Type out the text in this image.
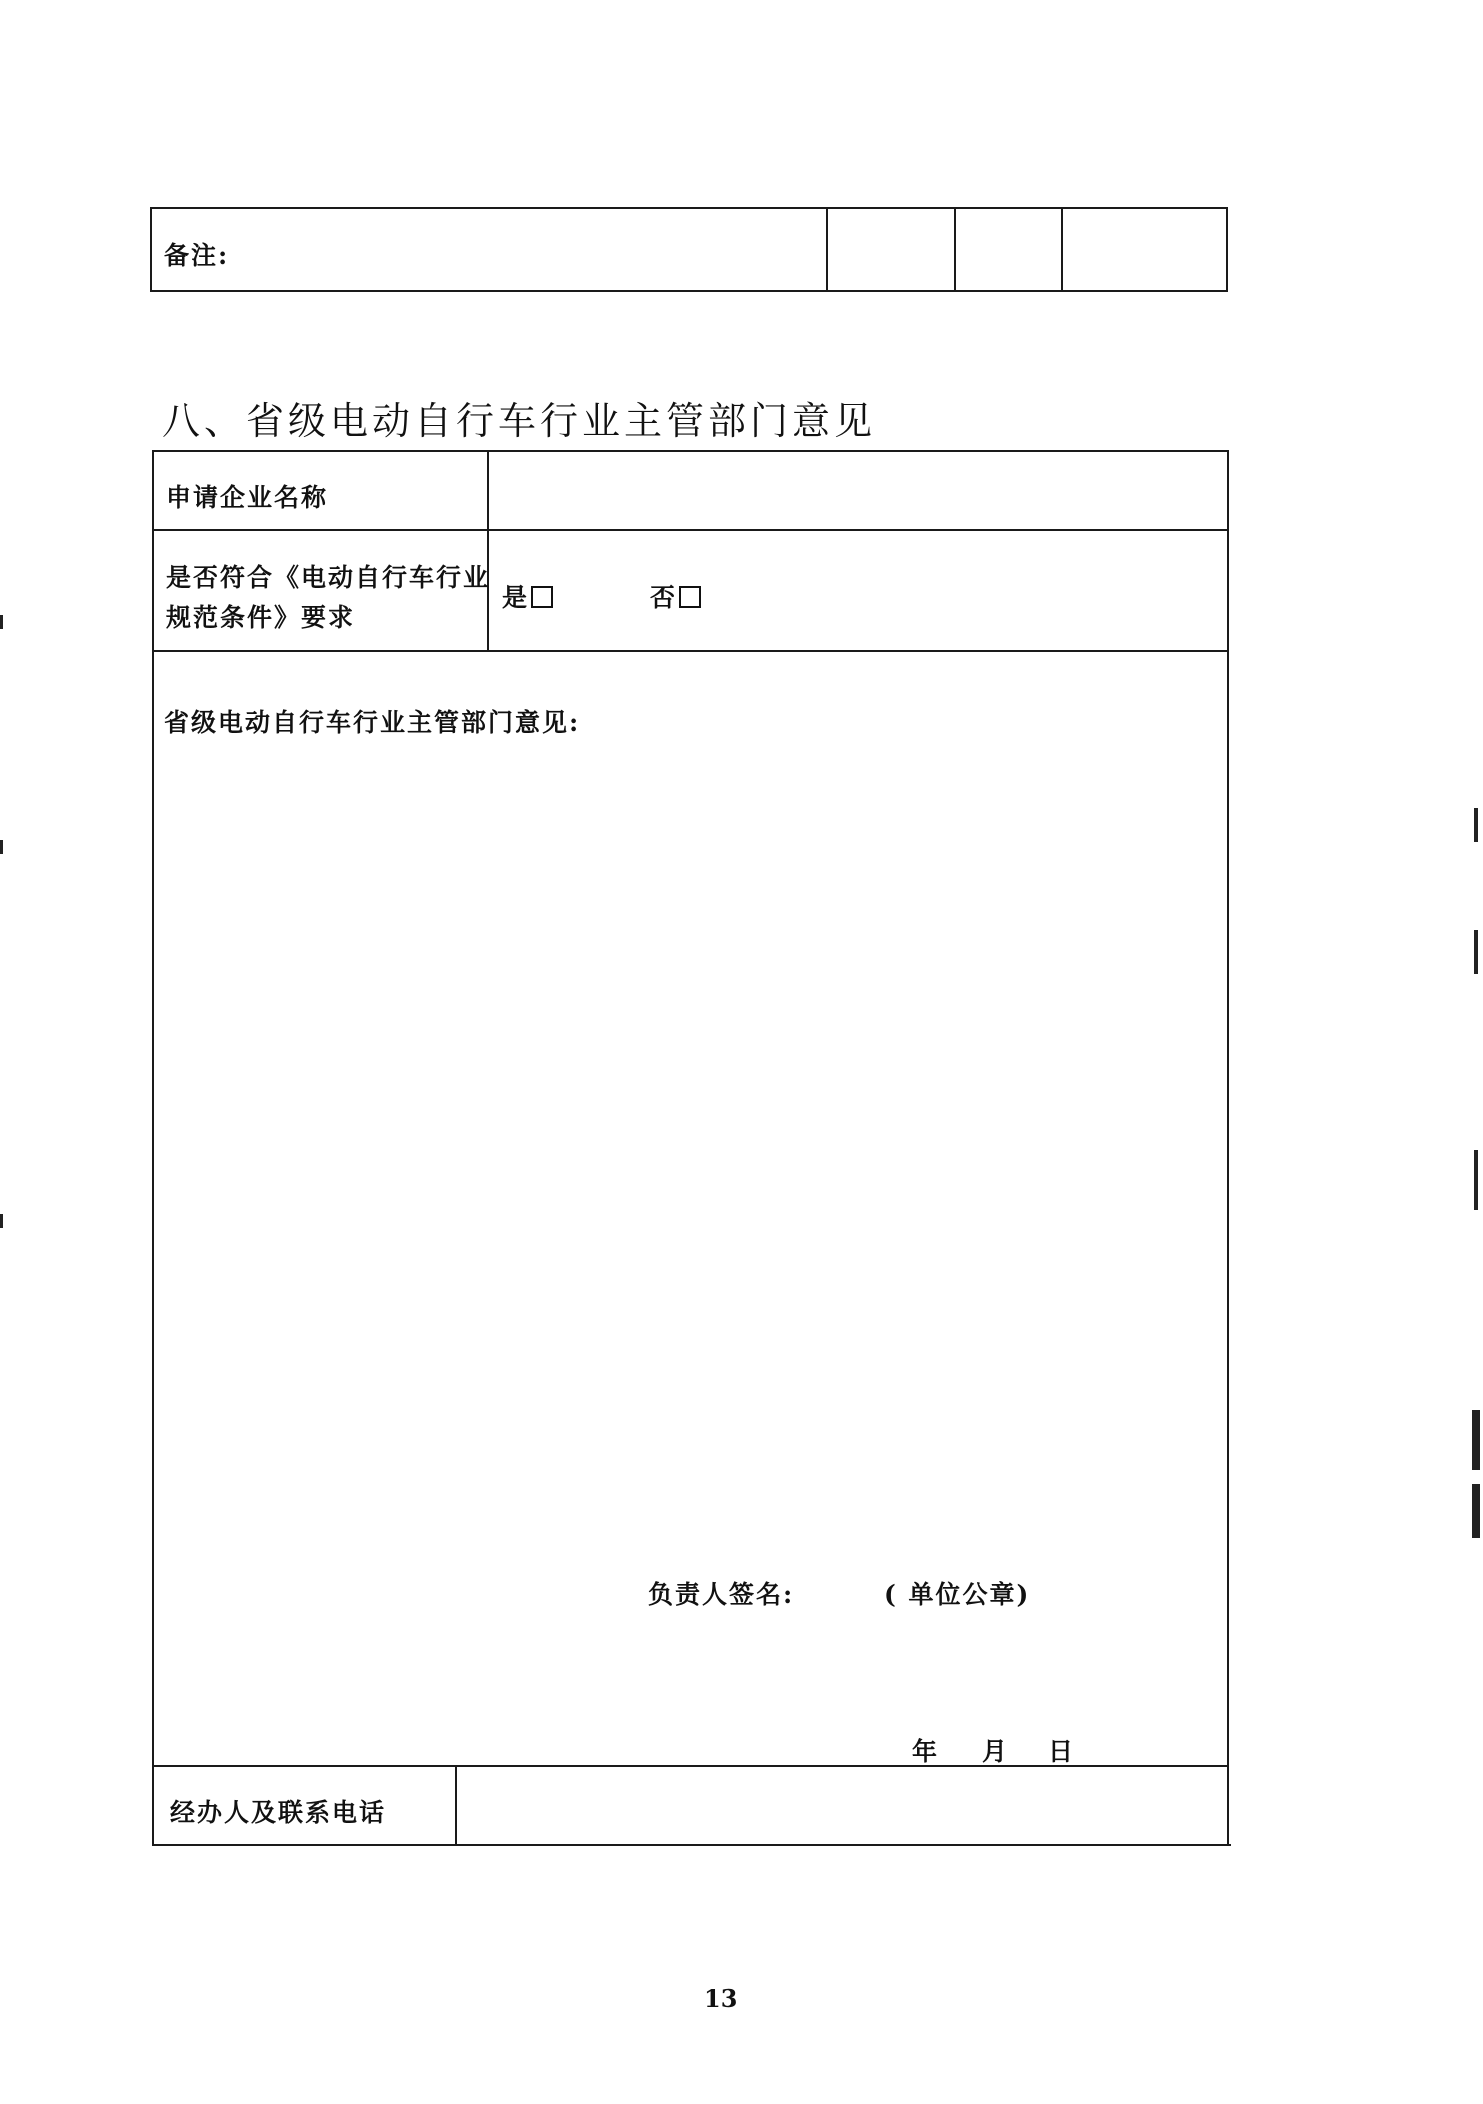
备注:
八、省级电动自行车行业主管部门意见
申请企业名称
是否符合《电动自行车行业
规范条件》要求
是	否
省级电动自行车行业主管部门意见:
负责人签名:	( 单位公章)
年 月 日
经办人及联系电话
13
